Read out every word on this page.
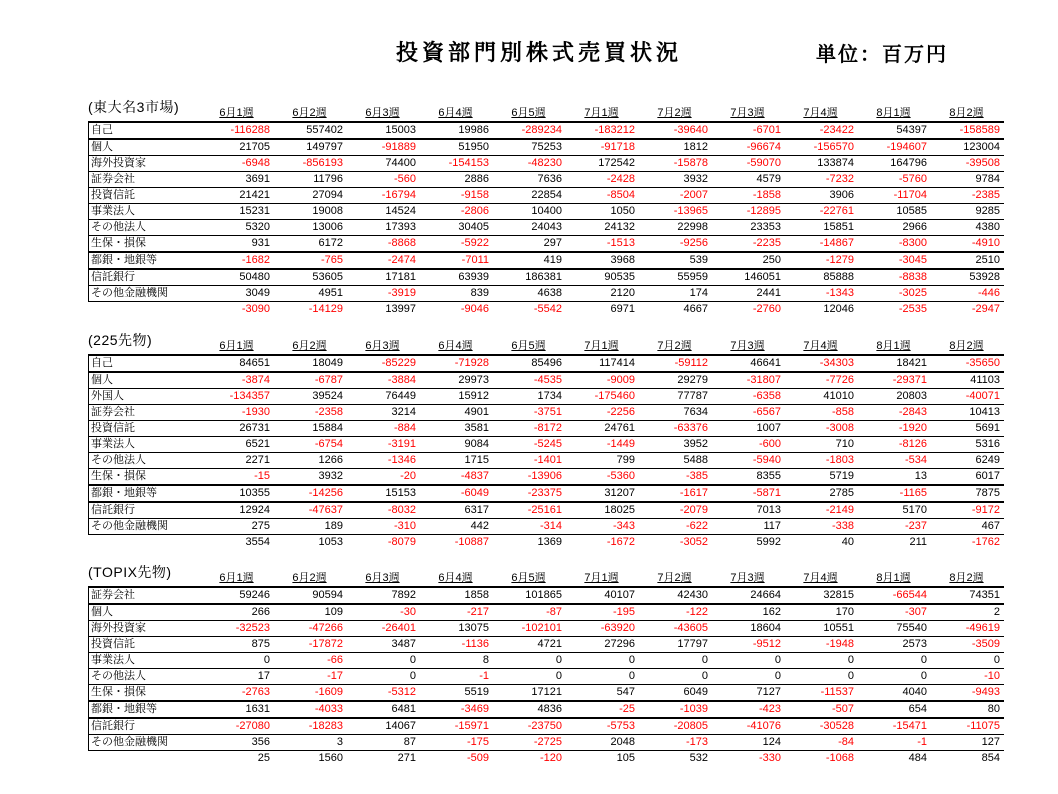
投資部門別株式売買状況	単位：百万円
(東大名3市場)	6月1週	6月2週	6月3週	6月4週	6月5週	7月1週	7月2週	7月3週	7月4週	8月1週	8月2週
自己	-116288	557402	15003	19986	-289234	-183212	-39640	-6701	-23422	54397	-158589
個人	21705	149797	-91889	51950	75253	-91718	1812	-96674	-156570	-194607	123004
海外投資家	-6948	-856193	74400	-154153	-48230	172542	-15878	-59070	133874	164796	-39508
証券会社	3691	11796	-560	2886	7636	-2428	3932	4579	-7232	-5760	9784
投資信託	21421	27094	-16794	-9158	22854	-8504	-2007	-1858	3906	-11704	-2385
事業法人	15231	19008	14524	-2806	10400	1050	-13965	-12895	-22761	10585	9285
その他法人	5320	13006	17393	30405	24043	24132	22998	23353	15851	2966	4380
生保・損保	931	6172	-8868	-5922	297	-1513	-9256	-2235	-14867	-8300	-4910
都銀・地銀等	-1682	-765	-2474	-7011	419	3968	539	250	-1279	-3045	2510
信託銀行	50480	53605	17181	63939	186381	90535	55959	146051	85888	-8838	53928
その他金融機関	3049	4951	-3919	839	4638	2120	174	2441	-1343	-3025	-446
-3090	-14129	13997	-9046	-5542	6971	4667	-2760	12046	-2535	-2947
(225先物)	6月1週	6月2週	6月3週	6月4週	6月5週	7月1週	7月2週	7月3週	7月4週	8月1週	8月2週
自己	84651	18049	-85229	-71928	85496	117414	-59112	46641	-34303	18421	-35650
個人	-3874	-6787	-3884	29973	-4535	-9009	29279	-31807	-7726	-29371	41103
外国人	-134357	39524	76449	15912	1734	-175460	77787	-6358	41010	20803	-40071
証券会社	-1930	-2358	3214	4901	-3751	-2256	7634	-6567	-858	-2843	10413
投資信託	26731	15884	-884	3581	-8172	24761	-63376	1007	-3008	-1920	5691
事業法人	6521	-6754	-3191	9084	-5245	-1449	3952	-600	710	-8126	5316
その他法人	2271	1266	-1346	1715	-1401	799	5488	-5940	-1803	-534	6249
生保・損保	-15	3932	-20	-4837	-13906	-5360	-385	8355	5719	13	6017
都銀・地銀等	10355	-14256	15153	-6049	-23375	31207	-1617	-5871	2785	-1165	7875
信託銀行	12924	-47637	-8032	6317	-25161	18025	-2079	7013	-2149	5170	-9172
その他金融機関	275	189	-310	442	-314	-343	-622	117	-338	-237	467
3554	1053	-8079	-10887	1369	-1672	-3052	5992	40	211	-1762
(TOPIX先物)	6月1週	6月2週	6月3週	6月4週	6月5週	7月1週	7月2週	7月3週	7月4週	8月1週	8月2週
証券会社	59246	90594	7892	1858	101865	40107	42430	24664	32815	-66544	74351
個人	266	109	-30	-217	-87	-195	-122	162	170	-307	2
海外投資家	-32523	-47266	-26401	13075	-102101	-63920	-43605	18604	10551	75540	-49619
投資信託	875	-17872	3487	-1136	4721	27296	17797	-9512	-1948	2573	-3509
事業法人	0	-66	0	8	0	0	0	0	0	0	0
その他法人	17	-17	0	-1	0	0	0	0	0	0	-10
生保・損保	-2763	-1609	-5312	5519	17121	547	6049	7127	-11537	4040	-9493
都銀・地銀等	1631	-4033	6481	-3469	4836	-25	-1039	-423	-507	654	80
信託銀行	-27080	-18283	14067	-15971	-23750	-5753	-20805	-41076	-30528	-15471	-11075
その他金融機関	356	3	87	-175	-2725	2048	-173	124	-84	-1	127
25	1560	271	-509	-120	105	532	-330	-1068	484	854
